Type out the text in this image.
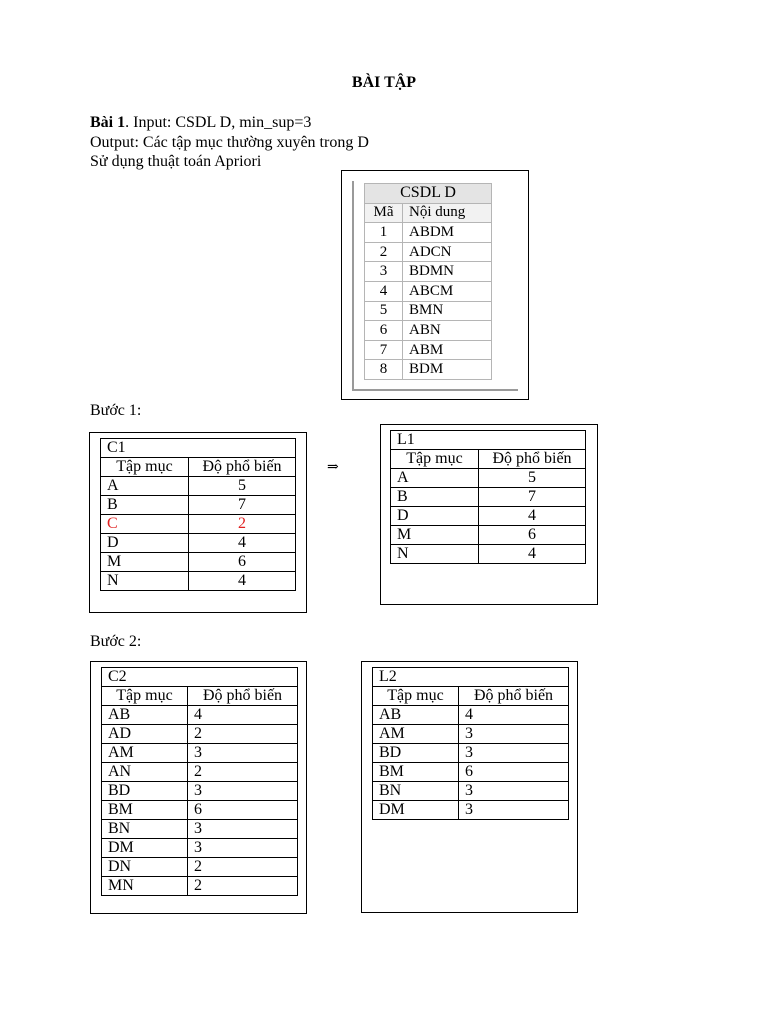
BÀI TẬP
Bài 1. Input: CSDL D, min_sup=3
Output: Các tập mục thường xuyên trong D
Sử dụng thuật toán Apriori
CSDL D	
Mã	Nội dung
1	ABDM
2	ADCN
3	BDMN
4	ABCM
5	BMN
6	ABN
7	ABM
8	BDM
Bước 1:
C1	
Tập mục	Độ phổ biến
A	5
B	7
C	2
D	4
M	6
N	4
⇒
L1	
Tập mục	Độ phổ biến
A	5
B	7
D	4
M	6
N	4
Bước 2:
C2	
Tập mục	Độ phổ biến
AB	4
AD	2
AM	3
AN	2
BD	3
BM	6
BN	3
DM	3
DN	2
MN	2
L2	
Tập mục	Độ phổ biến
AB	4
AM	3
BD	3
BM	6
BN	3
DM	3
